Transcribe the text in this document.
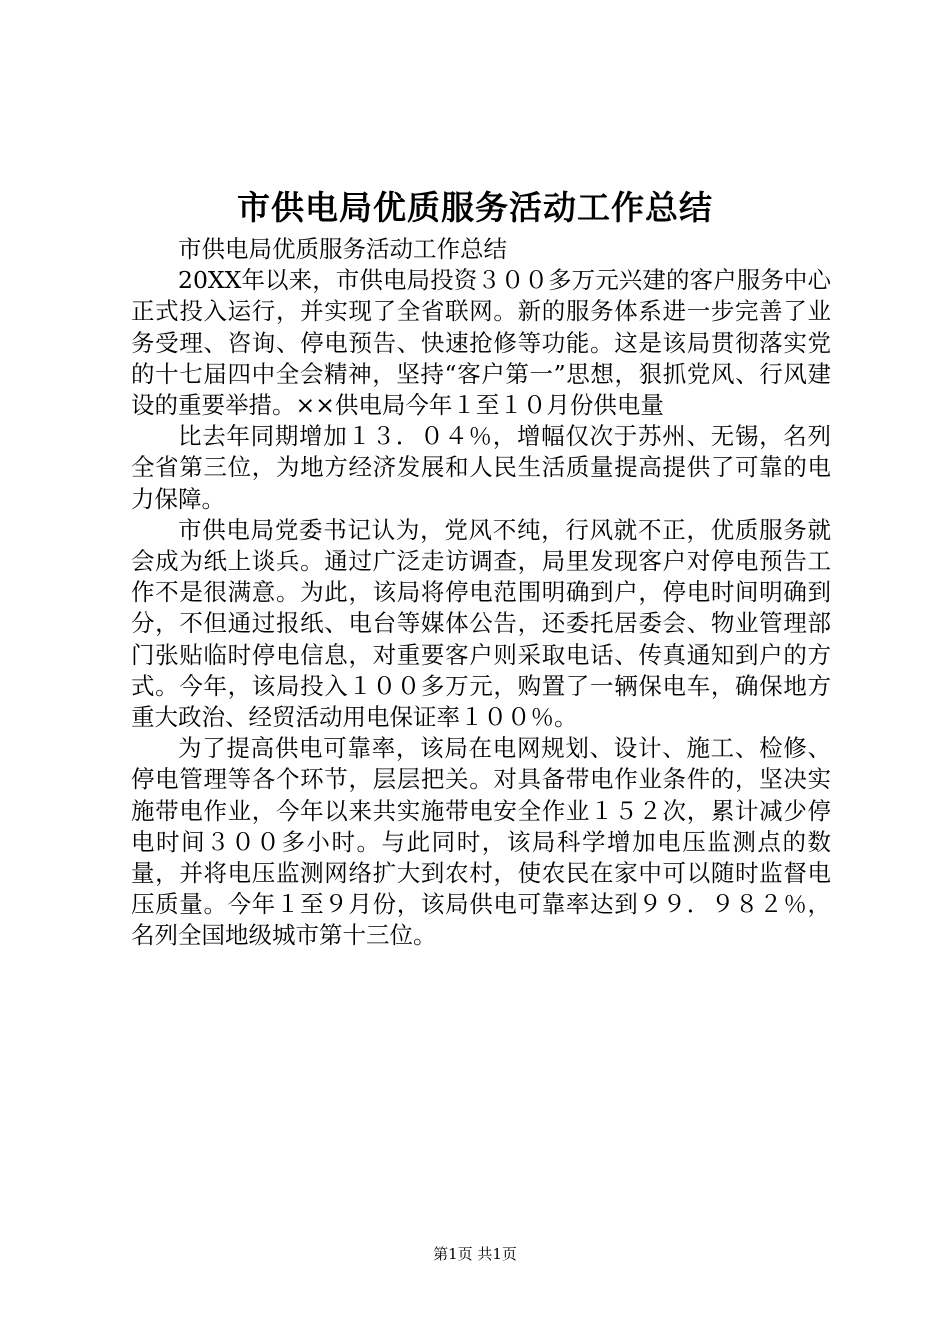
市供电局优质服务活动工作总结

市供电局优质服务活动工作总结

20XX年以来，市供电局投资３００多万元兴建的客户服务中心正式投入运行，并实现了全省联网。新的服务体系进一步完善了业务受理、咨询、停电预告、快速抢修等功能。这是该局贯彻落实党的十七届四中全会精神，坚持“客户第一”思想，狠抓党风、行风建设的重要举措。××供电局今年１至１０月份供电量

比去年同期增加１３．０４％，增幅仅次于苏州、无锡，名列全省第三位，为地方经济发展和人民生活质量提高提供了可靠的电力保障。

市供电局党委书记认为，党风不纯，行风就不正，优质服务就会成为纸上谈兵。通过广泛走访调查，局里发现客户对停电预告工作不是很满意。为此，该局将停电范围明确到户，停电时间明确到分，不但通过报纸、电台等媒体公告，还委托居委会、物业管理部门张贴临时停电信息，对重要客户则采取电话、传真通知到户的方式。今年，该局投入１００多万元，购置了一辆保电车，确保地方重大政治、经贸活动用电保证率１００％。

为了提高供电可靠率，该局在电网规划、设计、施工、检修、停电管理等各个环节，层层把关。对具备带电作业条件的，坚决实施带电作业，今年以来共实施带电安全作业１５２次，累计减少停电时间３００多小时。与此同时，该局科学增加电压监测点的数量，并将电压监测网络扩大到农村，使农民在家中可以随时监督电压质量。今年１至９月份，该局供电可靠率达到９９．９８２％，名列全国地级城市第十三位。

第1页 共1页
